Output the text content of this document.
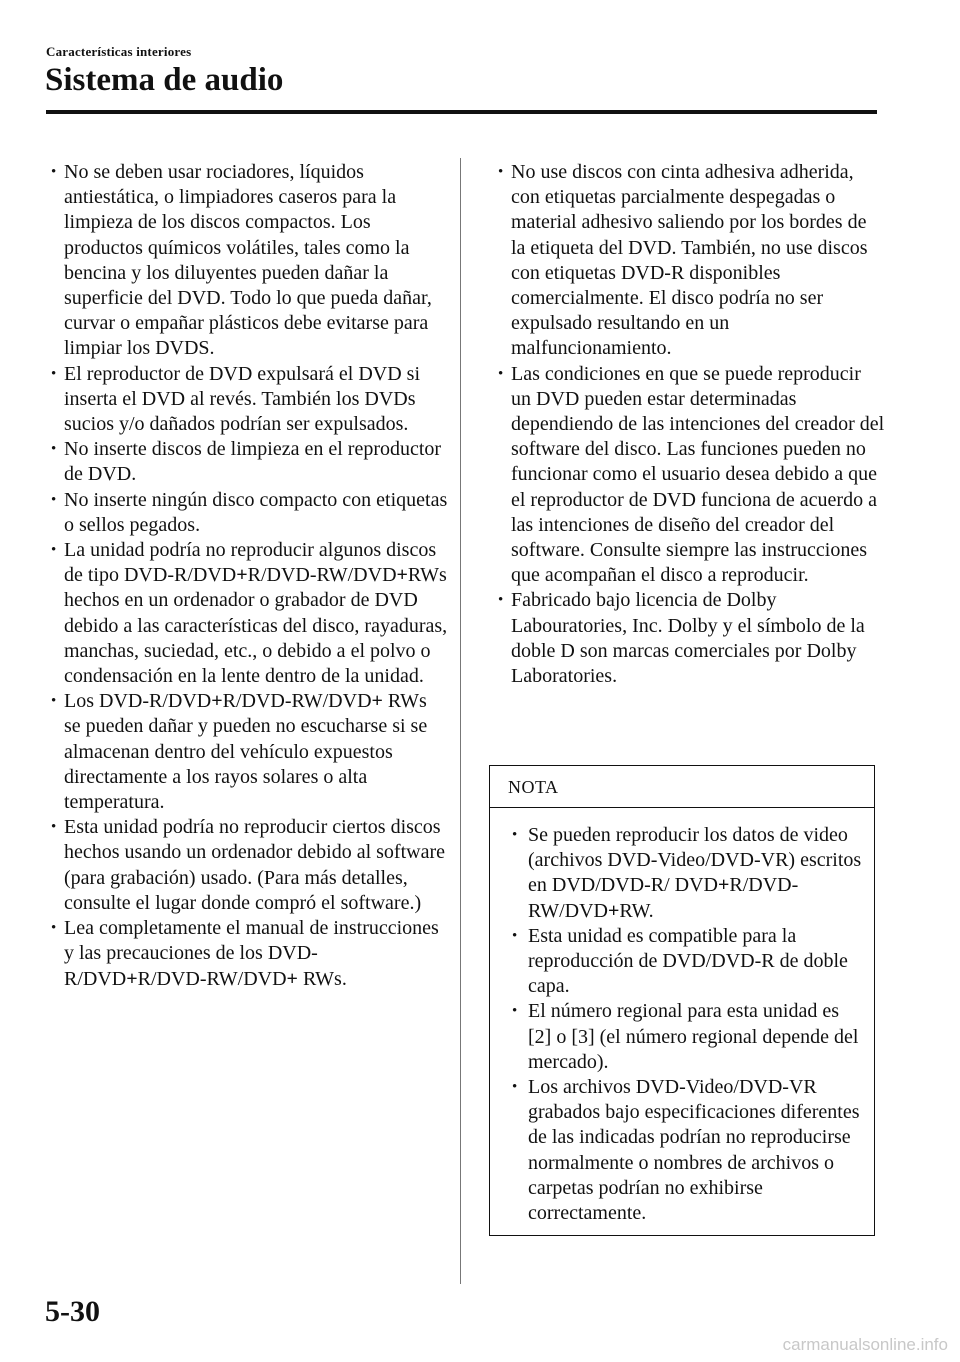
Características interiores
Sistema de audio
• No se deben usar rociadores, líquidos antiestática, o limpiadores caseros para la limpieza de los discos compactos. Los productos químicos volátiles, tales como la bencina y los diluyentes pueden dañar la superficie del DVD. Todo lo que pueda dañar, curvar o empañar plásticos debe evitarse para limpiar los DVDS.
• El reproductor de DVD expulsará el DVD si inserta el DVD al revés. También los DVDs sucios y/o dañados podrían ser expulsados.
• No inserte discos de limpieza en el reproductor de DVD.
• No inserte ningún disco compacto con etiquetas o sellos pegados.
• La unidad podría no reproducir algunos discos de tipo DVD-R/DVD+R/DVD-RW/DVD+RWs hechos en un ordenador o grabador de DVD debido a las características del disco, rayaduras, manchas, suciedad, etc., o debido a el polvo o condensación en la lente dentro de la unidad.
• Los DVD-R/DVD+R/DVD-RW/DVD+ RWs se pueden dañar y pueden no escucharse si se almacenan dentro del vehículo expuestos directamente a los rayos solares o alta temperatura.
• Esta unidad podría no reproducir ciertos discos hechos usando un ordenador debido al software (para grabación) usado. (Para más detalles, consulte el lugar donde compró el software.)
• Lea completamente el manual de instrucciones y las precauciones de los DVD-R/DVD+R/DVD-RW/DVD+ RWs.
• No use discos con cinta adhesiva adherida, con etiquetas parcialmente despegadas o material adhesivo saliendo por los bordes de la etiqueta del DVD. También, no use discos con etiquetas DVD-R disponibles comercialmente. El disco podría no ser expulsado resultando en un malfuncionamiento.
• Las condiciones en que se puede reproducir un DVD pueden estar determinadas dependiendo de las intenciones del creador del software del disco. Las funciones pueden no funcionar como el usuario desea debido a que el reproductor de DVD funciona de acuerdo a las intenciones de diseño del creador del software. Consulte siempre las instrucciones que acompañan el disco a reproducir.
• Fabricado bajo licencia de Dolby Labouratories, Inc. Dolby y el símbolo de la doble D son marcas comerciales por Dolby Laboratories.
NOTA
• Se pueden reproducir los datos de video (archivos DVD-Video/DVD-VR) escritos en DVD/DVD-R/ DVD+R/DVD-RW/DVD+RW.
• Esta unidad es compatible para la reproducción de DVD/DVD-R de doble capa.
• El número regional para esta unidad es [2] o [3] (el número regional depende del mercado).
• Los archivos DVD-Video/DVD-VR grabados bajo especificaciones diferentes de las indicadas podrían no reproducirse normalmente o nombres de archivos o carpetas podrían no exhibirse correctamente.
5-30
carmanualsonline.info
